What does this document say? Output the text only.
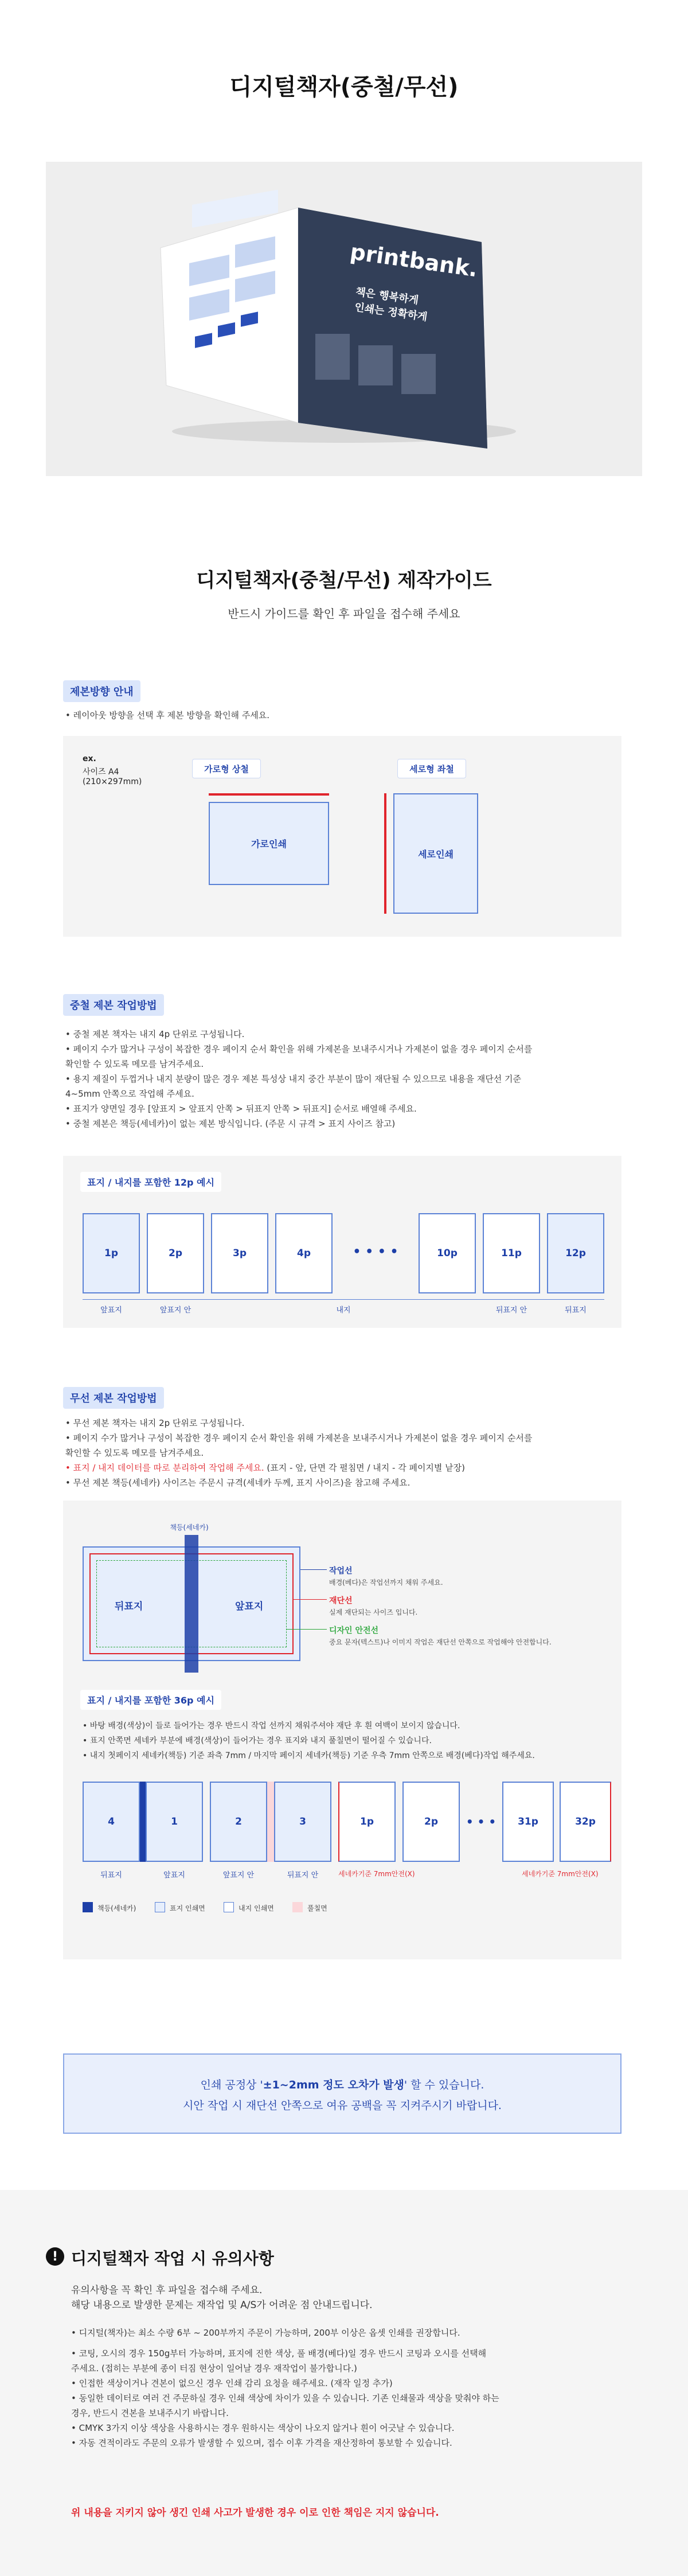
디지털책자(중철/무선)
printbank.
책은 행복하게
인쇄는 정확하게
디지털책자(중철/무선) 제작가이드
반드시 가이드를 확인 후 파일을 접수해 주세요
제본방향 안내
• 레이아웃 방향을 선택 후 제본 방향을 확인해 주세요.
ex.
사이즈 A4
(210×297mm)
가로형 상철
가로인쇄
세로형 좌철
세로인쇄
중철 제본 작업방법
• 중철 제본 책자는 내지 4p 단위로 구성됩니다.
• 페이지 수가 많거나 구성이 복잡한 경우 페이지 순서 확인을 위해 가제본을 보내주시거나 가제본이 없을 경우 페이지 순서를
확인할 수 있도록 메모를 남겨주세요.
• 용지 제질이 두껍거나 내지 분량이 많은 경우 제본 특성상 내지 중간 부분이 많이 재단될 수 있으므로 내용을 재단선 기준
4~5mm 안쪽으로 작업해 주세요.
• 표지가 양면일 경우 [앞표지 > 앞표지 안쪽 > 뒤표지 안쪽 > 뒤표지] 순서로 배열해 주세요.
• 중철 제본은 책등(세네카)이 없는 제본 방식입니다. (주문 시 규격 > 표지 사이즈 참고)
표지 / 내지를 포함한 12p 예시
1p	2p	3p	4p	• • • •	10p	11p	12p
앞표지	앞표지 안	내지	뒤표지 안	뒤표지
무선 제본 작업방법
• 무선 제본 책자는 내지 2p 단위로 구성됩니다.
• 페이지 수가 많거나 구성이 복잡한 경우 페이지 순서 확인을 위해 가제본을 보내주시거나 가제본이 없을 경우 페이지 순서를
확인할 수 있도록 메모를 남겨주세요.
• 표지 / 내지 데이터를 따로 분리하여 작업해 주세요. (표지 - 앞, 단면 각 펼침면 / 내지 - 각 페이지별 낱장)
• 무선 제본 책등(세네카) 사이즈는 주문시 규격(세네카 두께, 표지 사이즈)을 참고해 주세요.
책등(세네카)
뒤표지	앞표지
작업선
배경(베다)은 작업선까지 채워 주세요.
재단선
실제 재단되는 사이즈 입니다.
디자인 안전선
중요 문자(텍스트)나 이미지 작업은 재단선 안쪽으로 작업해야 안전합니다.
표지 / 내지를 포함한 36p 예시
• 바탕 배경(색상)이 들로 들어가는 경우 반드시 작업 선까지 채워주셔야 재단 후 흰 여백이 보이지 않습니다.
• 표지 안쪽면 세네카 부분에 배경(색상)이 들어가는 경우 표지와 내지 풀칠면이 떨어질 수 있습니다.
• 내지 첫페이지 세네카(책등) 기준 좌측 7mm / 마지막 페이지 세네카(책등) 기준 우측 7mm 안쪽으로 배경(베다)작업 해주세요.
4	1	2	3	1p	2p	• • •	31p	32p
뒤표지	앞표지	앞표지 안	뒤표지 안	세네카기준 7mm안전(X)	세네카기준 7mm안전(X)
책등(세네카)	표지 인쇄면	내지 인쇄면	풀칠면
인쇄 공정상 '±1~2mm 정도 오차가 발생' 할 수 있습니다.
시안 작업 시 재단선 안쪽으로 여유 공백을 꼭 지켜주시기 바랍니다.
! 디지털책자 작업 시 유의사항
유의사항을 꼭 확인 후 파일을 접수해 주세요.
해당 내용으로 발생한 문제는 재작업 및 A/S가 어려운 점 안내드립니다.
• 디지털(책자)는 최소 수량 6부 ~ 200부까지 주문이 가능하며, 200부 이상은 옵셋 인쇄를 권장합니다.
• 코팅, 오시의 경우 150g부터 가능하며, 표지에 진한 색상, 풀 배경(베다)일 경우 반드시 코팅과 오시를 선택해
주세요. (접히는 부분에 종이 터짐 현상이 일어날 경우 재작업이 불가합니다.)
• 인접한 색상이거나 견본이 없으신 경우 인쇄 감리 요청을 해주세요. (재작 일정 추가)
• 동일한 데이터로 여러 건 주문하실 경우 인쇄 색상에 차이가 있을 수 있습니다. 기존 인쇄물과 색상을 맞춰야 하는
경우, 반드시 견본을 보내주시기 바랍니다.
• CMYK 3가지 이상 색상을 사용하시는 경우 원하시는 색상이 나오지 않거나 흰이 어긋날 수 있습니다.
• 자동 견적이라도 주문의 오류가 발생할 수 있으며, 접수 이후 가격을 재산정하여 통보할 수 있습니다.
위 내용을 지키지 않아 생긴 인쇄 사고가 발생한 경우 이로 인한 책임은 지지 않습니다.
